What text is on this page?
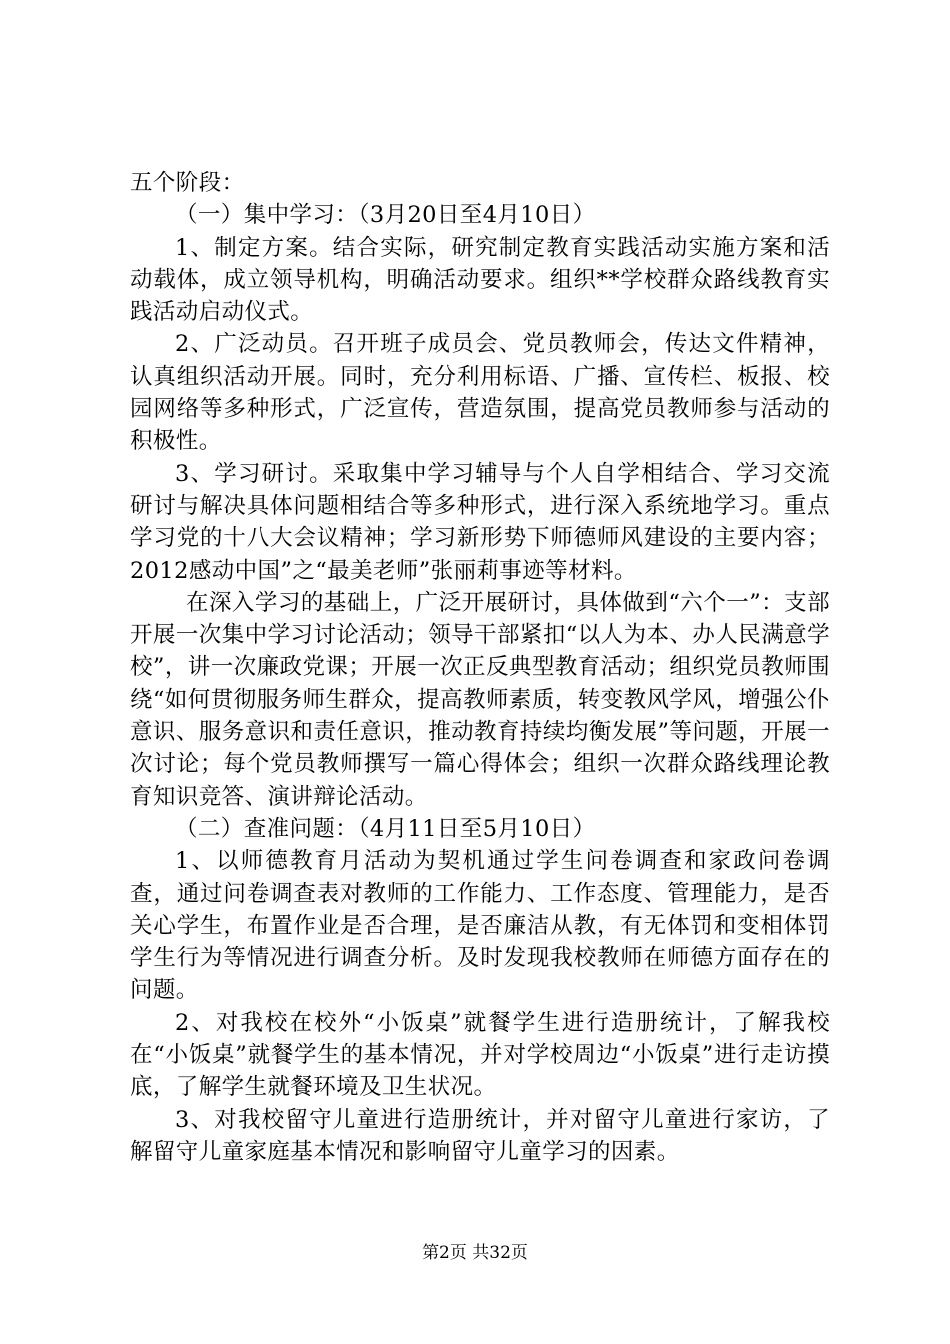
五个阶段：

（一）集中学习：（3月20日至4月10日）

1、制定方案。结合实际，研究制定教育实践活动实施方案和活动载体，成立领导机构，明确活动要求。组织**学校群众路线教育实践活动启动仪式。

2、广泛动员。召开班子成员会、党员教师会，传达文件精神，认真组织活动开展。同时，充分利用标语、广播、宣传栏、板报、校园网络等多种形式，广泛宣传，营造氛围，提高党员教师参与活动的积极性。

3、学习研讨。采取集中学习辅导与个人自学相结合、学习交流研讨与解决具体问题相结合等多种形式，进行深入系统地学习。重点学习党的十八大会议精神；学习新形势下师德师风建设的主要内容；2012感动中国”之“最美老师”张丽莉事迹等材料。

在深入学习的基础上，广泛开展研讨，具体做到“六个一”：支部开展一次集中学习讨论活动；领导干部紧扣“以人为本、办人民满意学校”，讲一次廉政党课；开展一次正反典型教育活动；组织党员教师围绕“如何贯彻服务师生群众，提高教师素质，转变教风学风，增强公仆意识、服务意识和责任意识，推动教育持续均衡发展”等问题，开展一次讨论；每个党员教师撰写一篇心得体会；组织一次群众路线理论教育知识竞答、演讲辩论活动。

（二）查准问题：（4月11日至5月10日）

1、以师德教育月活动为契机通过学生问卷调查和家政问卷调查，通过问卷调查表对教师的工作能力、工作态度、管理能力，是否关心学生，布置作业是否合理，是否廉洁从教，有无体罚和变相体罚学生行为等情况进行调查分析。及时发现我校教师在师德方面存在的问题。

2、对我校在校外“小饭桌”就餐学生进行造册统计，了解我校在“小饭桌”就餐学生的基本情况，并对学校周边“小饭桌”进行走访摸底，了解学生就餐环境及卫生状况。

3、对我校留守儿童进行造册统计，并对留守儿童进行家访，了解留守儿童家庭基本情况和影响留守儿童学习的因素。

第2页 共32页
